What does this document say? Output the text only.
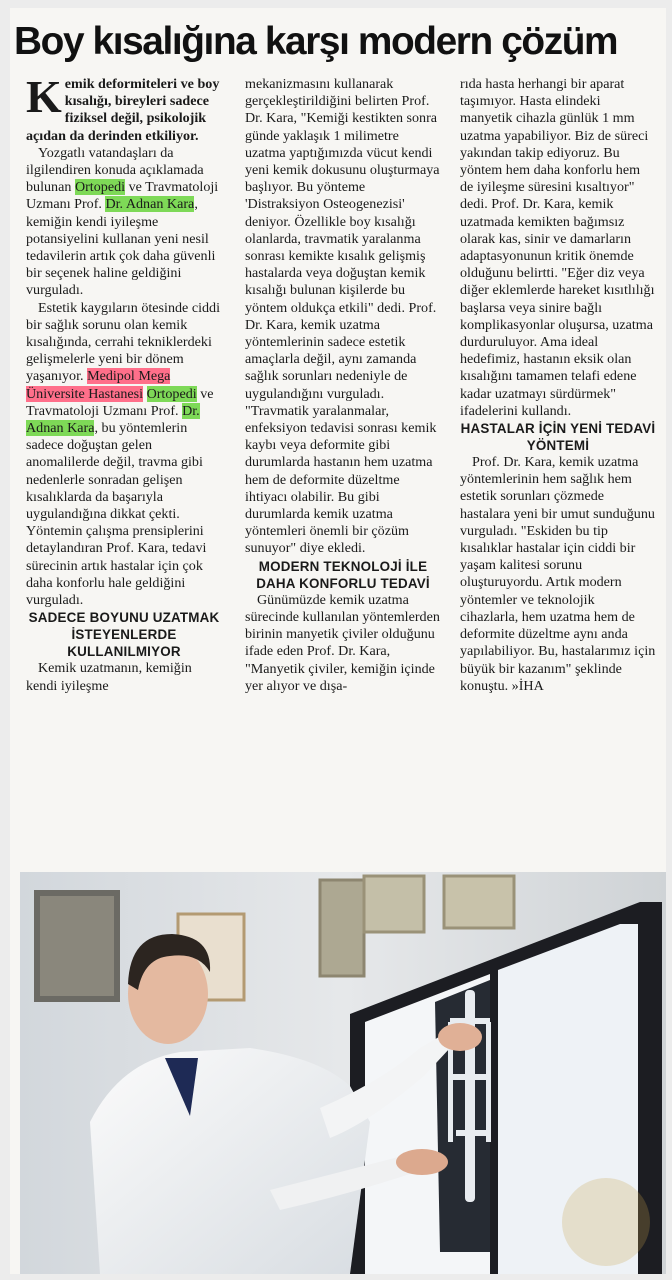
Boy kısalığına karşı modern çözüm

Kemik deformiteleri ve boy kısalığı, bireyleri sadece fiziksel değil, psikolojik açıdan da derinden etkiliyor.

Yozgatlı vatandaşları da ilgilendiren konuda açıklamada bulunan Ortopedi ve Travmatoloji Uzmanı Prof. Dr. Adnan Kara, kemiğin kendi iyileşme potansiyelini kullanan yeni nesil tedavilerin artık çok daha güvenli bir seçenek haline geldiğini vurguladı.

Estetik kaygıların ötesinde ciddi bir sağlık sorunu olan kemik kısalığında, cerrahi tekniklerdeki gelişmelerle yeni bir dönem yaşanıyor. Medipol Mega Üniversite Hastanesi Ortopedi ve Travmatoloji Uzmanı Prof. Dr. Adnan Kara, bu yöntemlerin sadece doğuştan gelen anomalilerde değil, travma gibi nedenlerle sonradan gelişen kısalıklarda da başarıyla uygulandığına dikkat çekti. Yöntemin çalışma prensiplerini detaylandıran Prof. Kara, tedavi sürecinin artık hastalar için çok daha konforlu hale geldiğini vurguladı.

SADECE BOYUNU UZATMAK İSTEYENLERDE KULLANILMIYOR

Kemik uzatmanın, kemiğin kendi iyileşme

mekanizmasını kullanarak gerçekleştirildiğini belirten Prof. Dr. Kara, "Kemiği kestikten sonra günde yaklaşık 1 milimetre uzatma yaptığımızda vücut kendi yeni kemik dokusunu oluşturmaya başlıyor. Bu yönteme 'Distraksiyon Osteogenezisi' deniyor. Özellikle boy kısalığı olanlarda, travmatik yaralanma sonrası kemikte kısalık gelişmiş hastalarda veya doğuştan kemik kısalığı bulunan kişilerde bu yöntem oldukça etkili" dedi. Prof. Dr. Kara, kemik uzatma yöntemlerinin sadece estetik amaçlarla değil, aynı zamanda sağlık sorunları nedeniyle de uygulandığını vurguladı. "Travmatik yaralanmalar, enfeksiyon tedavisi sonrası kemik kaybı veya deformite gibi durumlarda hastanın hem uzatma hem de deformite düzeltme ihtiyacı olabilir. Bu gibi durumlarda kemik uzatma yöntemleri önemli bir çözüm sunuyor" diye ekledi.

MODERN TEKNOLOJİ İLE DAHA KONFORLU TEDAVİ

Günümüzde kemik uzatma sürecinde kullanılan yöntemlerden birinin manyetik çiviler olduğunu ifade eden Prof. Dr. Kara, "Manyetik çiviler, kemiğin içinde yer alıyor ve dışa-

rıda hasta herhangi bir aparat taşımıyor. Hasta elindeki manyetik cihazla günlük 1 mm uzatma yapabiliyor. Biz de süreci yakından takip ediyoruz. Bu yöntem hem daha konforlu hem de iyileşme süresini kısaltıyor" dedi. Prof. Dr. Kara, kemik uzatmada kemikten bağımsız olarak kas, sinir ve damarların adaptasyonunun kritik önemde olduğunu belirtti. "Eğer diz veya diğer eklemlerde hareket kısıtlılığı başlarsa veya sinire bağlı komplikasyonlar oluşursa, uzatma durduruluyor. Ama ideal hedefimiz, hastanın eksik olan kısalığını tamamen telafi edene kadar uzatmayı sürdürmek" ifadelerini kullandı.

HASTALAR İÇİN YENİ TEDAVİ YÖNTEMİ

Prof. Dr. Kara, kemik uzatma yöntemlerinin hem sağlık hem estetik sorunları çözmede hastalara yeni bir umut sunduğunu vurguladı. "Eskiden bu tip kısalıklar hastalar için ciddi bir yaşam kalitesi sorunu oluşturuyordu. Artık modern yöntemler ve teknolojik cihazlarla, hem uzatma hem de deformite düzeltme aynı anda yapılabiliyor. Bu, hastalarımız için büyük bir kazanım" şeklinde konuştu. »İHA
